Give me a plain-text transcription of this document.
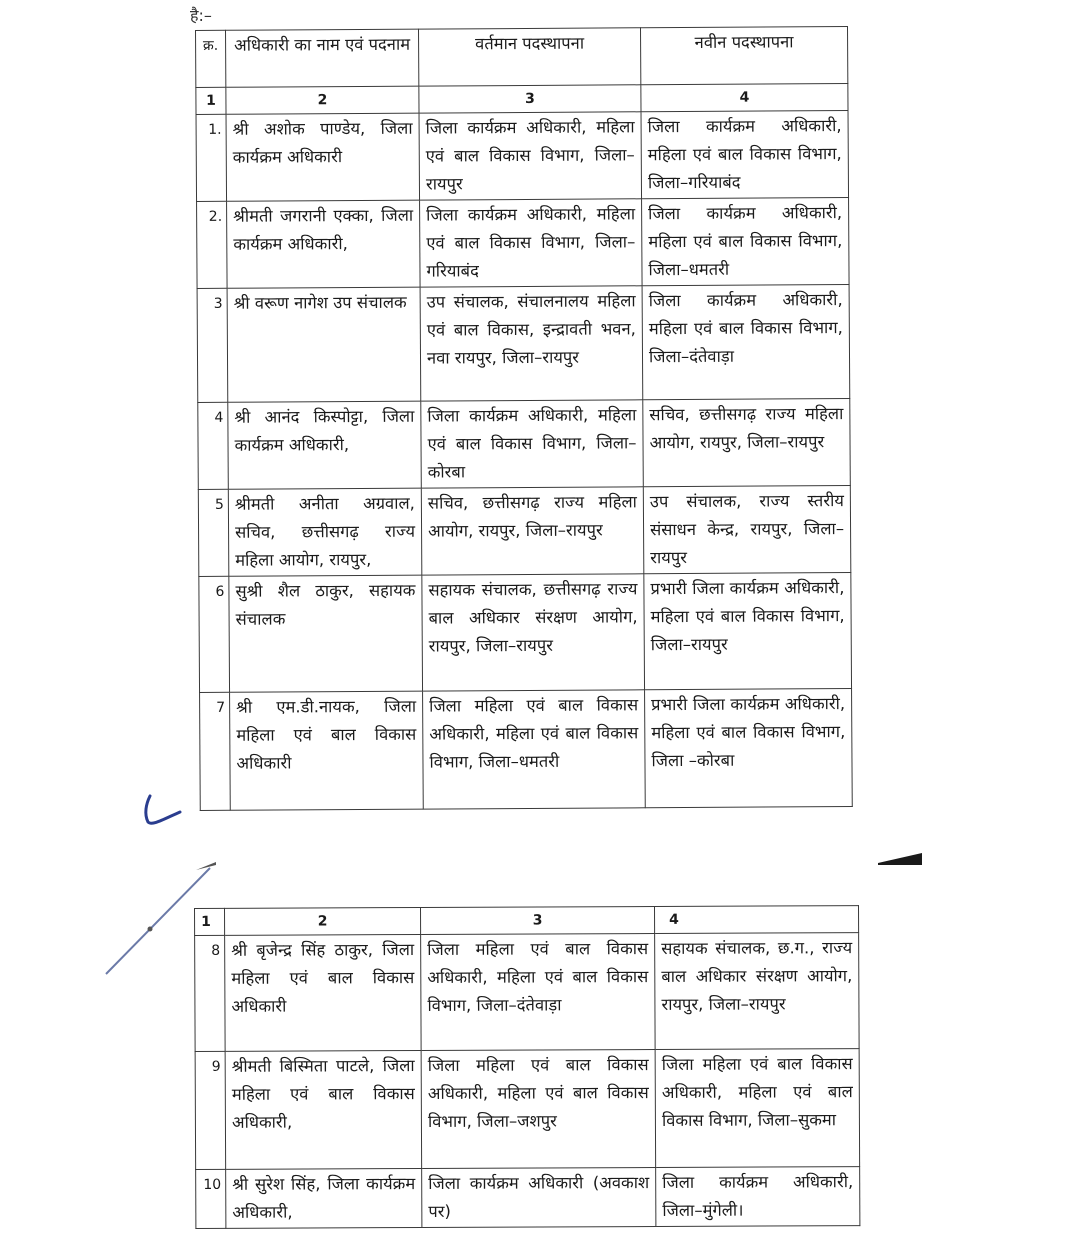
है:–
क्र.	अधिकारी का नाम एवं पदनाम	वर्तमान पदस्थापना	नवीन पदस्थापना
1	2	3	4
1.	श्री अशोक पाण्डेय, जिला कार्यक्रम अधिकारी	जिला कार्यक्रम अधिकारी, महिला एवं बाल विकास विभाग, जिला–रायपुर	जिला कार्यक्रम अधिकारी, महिला एवं बाल विकास विभाग, जिला–गरियाबंद
2.	श्रीमती जगरानी एक्का, जिला कार्यक्रम अधिकारी,	जिला कार्यक्रम अधिकारी, महिला एवं बाल विकास विभाग, जिला–गरियाबंद	जिला कार्यक्रम अधिकारी, महिला एवं बाल विकास विभाग, जिला–धमतरी
3	श्री वरूण नागेश उप संचालक	उप संचालक, संचालनालय महिला एवं बाल विकास, इन्द्रावती भवन, नवा रायपुर, जिला–रायपुर	जिला कार्यक्रम अधिकारी, महिला एवं बाल विकास विभाग, जिला–दंतेवाड़ा
4	श्री आनंद किस्पोट्टा, जिला कार्यक्रम अधिकारी,	जिला कार्यक्रम अधिकारी, महिला एवं बाल विकास विभाग, जिला–कोरबा	सचिव, छत्तीसगढ़ राज्य महिला आयोग, रायपुर, जिला–रायपुर
5	श्रीमती अनीता अग्रवाल, सचिव, छत्तीसगढ़ राज्य महिला आयोग, रायपुर,	सचिव, छत्तीसगढ़ राज्य महिला आयोग, रायपुर, जिला–रायपुर	उप संचालक, राज्य स्तरीय संसाधन केन्द्र, रायपुर, जिला–रायपुर
6	सुश्री शैल ठाकुर, सहायक संचालक	सहायक संचालक, छत्तीसगढ़ राज्य बाल अधिकार संरक्षण आयोग, रायपुर, जिला–रायपुर	प्रभारी जिला कार्यक्रम अधिकारी, महिला एवं बाल विकास विभाग, जिला–रायपुर
7	श्री एम.डी.नायक, जिला महिला एवं बाल विकास अधिकारी	जिला महिला एवं बाल विकास अधिकारी, महिला एवं बाल विकास विभाग, जिला–धमतरी	प्रभारी जिला कार्यक्रम अधिकारी, महिला एवं बाल विकास विभाग, जिला –कोरबा
1	2	3	4
8	श्री बृजेन्द्र सिंह ठाकुर, जिला महिला एवं बाल विकास अधिकारी	जिला महिला एवं बाल विकास अधिकारी, महिला एवं बाल विकास विभाग, जिला–दंतेवाड़ा	सहायक संचालक, छ.ग., राज्य बाल अधिकार संरक्षण आयोग, रायपुर, जिला–रायपुर
9	श्रीमती बिस्मिता पाटले, जिला महिला एवं बाल विकास अधिकारी,	जिला महिला एवं बाल विकास अधिकारी, महिला एवं बाल विकास विभाग, जिला–जशपुर	जिला महिला एवं बाल विकास अधिकारी, महिला एवं बाल विकास विभाग, जिला–सुकमा
10	श्री सुरेश सिंह, जिला कार्यक्रम अधिकारी,	जिला कार्यक्रम अधिकारी (अवकाश पर)	जिला कार्यक्रम अधिकारी, जिला–मुंगेली।
